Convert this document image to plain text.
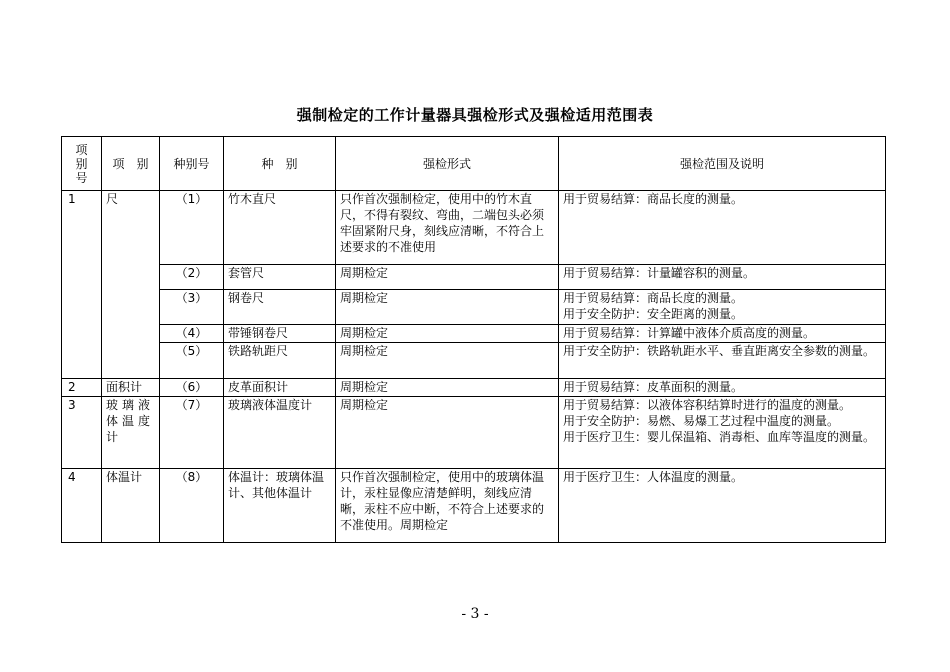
强制检定的工作计量器具强检形式及强检适用范围表
项
别
号	项　别	种别号	种　别	强检形式	强检范围及说明
1	尺	（1）	竹木直尺	只作首次强制检定，使用中的竹木直尺，不得有裂纹、弯曲，二端包头必须牢固紧附尺身，刻线应清晰，不符合上述要求的不准使用	用于贸易结算：商品长度的测量。
		（2）	套管尺	周期检定	用于贸易结算：计量罐容积的测量。
		（3）	钢卷尺	周期检定	用于贸易结算：商品长度的测量。
用于安全防护：安全距离的测量。
		（4）	带锤钢卷尺	周期检定	用于贸易结算：计算罐中液体介质高度的测量。
		（5）	铁路轨距尺	周期检定	用于安全防护：铁路轨距水平、垂直距离安全参数的测量。
2	面积计	（6）	皮革面积计	周期检定	用于贸易结算：皮革面积的测量。
3	玻璃液体温度计	（7）	玻璃液体温度计	周期检定	用于贸易结算：以液体容积结算时进行的温度的测量。
用于安全防护：易燃、易爆工艺过程中温度的测量。
用于医疗卫生：婴儿保温箱、消毒柜、血库等温度的测量。
4	体温计	（8）	体温计：玻璃体温计、其他体温计	只作首次强制检定，使用中的玻璃体温计，汞柱显像应清楚鲜明，刻线应清晰，汞柱不应中断，不符合上述要求的不准使用。周期检定	用于医疗卫生：人体温度的测量。
- 3 -
